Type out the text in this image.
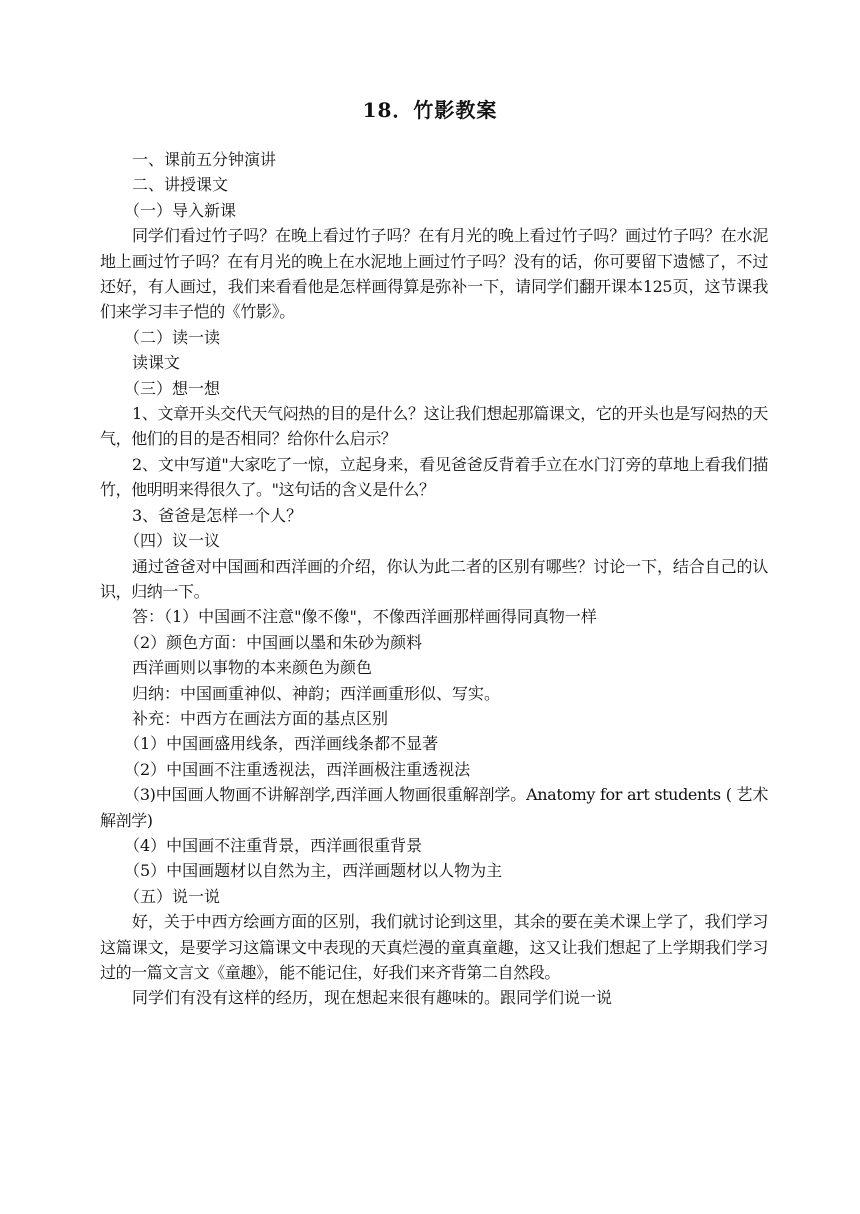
18．竹影教案

一、课前五分钟演讲

二、讲授课文

（一）导入新课

同学们看过竹子吗？在晚上看过竹子吗？在有月光的晚上看过竹子吗？画过竹子吗？在水泥地上画过竹子吗？在有月光的晚上在水泥地上画过竹子吗？没有的话，你可要留下遗憾了，不过还好，有人画过，我们来看看他是怎样画得算是弥补一下，请同学们翻开课本125页，这节课我们来学习丰子恺的《竹影》。

（二）读一读

读课文

（三）想一想

1、文章开头交代天气闷热的目的是什么？这让我们想起那篇课文，它的开头也是写闷热的天气，他们的目的是否相同？给你什么启示？

2、文中写道"大家吃了一惊，立起身来，看见爸爸反背着手立在水门汀旁的草地上看我们描竹，他明明来得很久了。"这句话的含义是什么？

3、爸爸是怎样一个人？

（四）议一议

通过爸爸对中国画和西洋画的介绍，你认为此二者的区别有哪些？讨论一下，结合自己的认识，归纳一下。

答：（1）中国画不注意"像不像"，不像西洋画那样画得同真物一样

（2）颜色方面：中国画以墨和朱砂为颜料

西洋画则以事物的本来颜色为颜色

归纳：中国画重神似、神韵；西洋画重形似、写实。

补充：中西方在画法方面的基点区别

（1）中国画盛用线条，西洋画线条都不显著

（2）中国画不注重透视法，西洋画极注重透视法

（3)中国画人物画不讲解剖学,西洋画人物画很重解剖学。Anatomy for art students ( 艺术解剖学)

（4）中国画不注重背景，西洋画很重背景

（5）中国画题材以自然为主，西洋画题材以人物为主

（五）说一说

好，关于中西方绘画方面的区别，我们就讨论到这里，其余的要在美术课上学了，我们学习这篇课文，是要学习这篇课文中表现的天真烂漫的童真童趣，这又让我们想起了上学期我们学习过的一篇文言文《童趣》，能不能记住，好我们来齐背第二自然段。

同学们有没有这样的经历，现在想起来很有趣味的。跟同学们说一说
